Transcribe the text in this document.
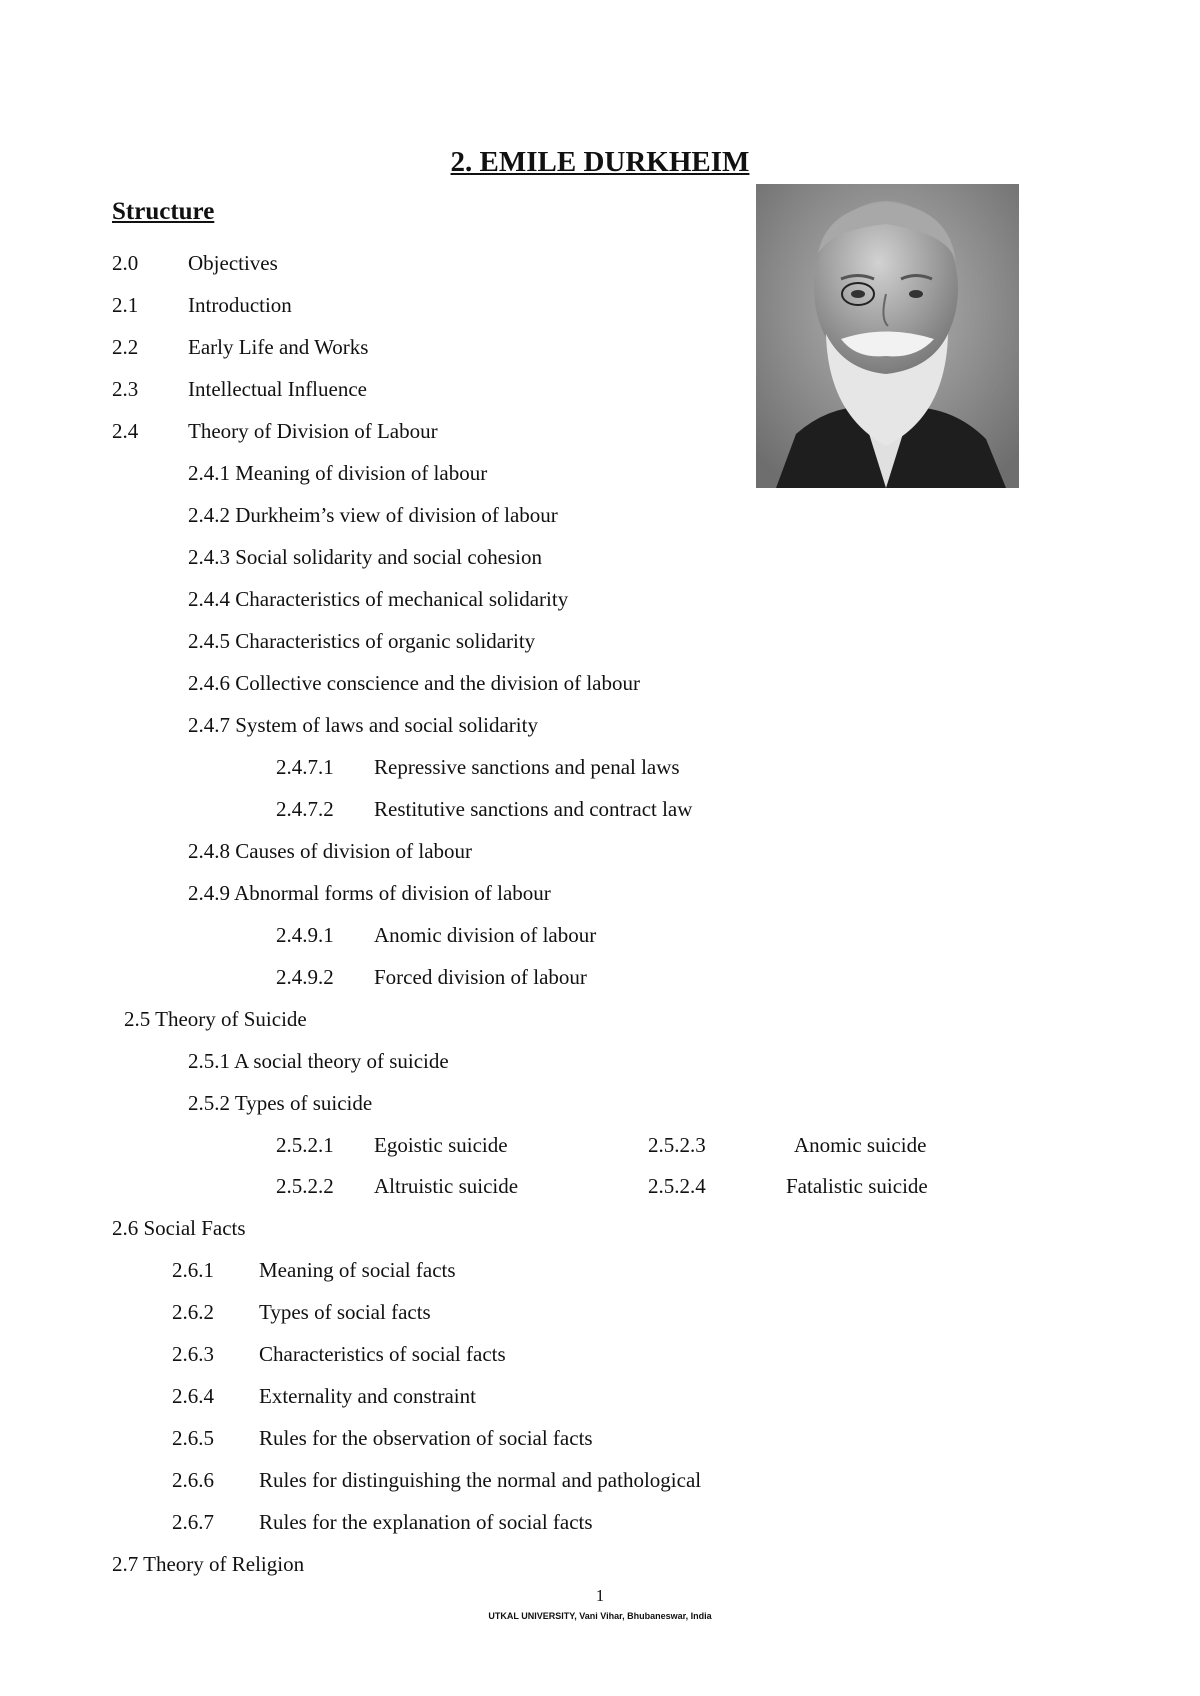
2. EMILE DURKHEIM
Structure
2.0 Objectives
2.1 Introduction
2.2 Early Life and Works
2.3 Intellectual Influence
2.4 Theory of Division of Labour
2.4.1 Meaning of division of labour
2.4.2 Durkheim’s view of division of labour
2.4.3 Social solidarity and social cohesion
2.4.4 Characteristics of mechanical solidarity
2.4.5 Characteristics of organic solidarity
2.4.6 Collective conscience and the division of labour
2.4.7 System of laws and social solidarity
2.4.7.1 Repressive sanctions and penal laws
2.4.7.2 Restitutive sanctions and contract law
2.4.8 Causes of division of labour
2.4.9 Abnormal forms of division of labour
2.4.9.1 Anomic division of labour
2.4.9.2 Forced division of labour
2.5 Theory of Suicide
2.5.1 A social theory of suicide
2.5.2 Types of suicide
2.5.2.1 Egoistic suicide	2.5.2.3	Anomic suicide
2.5.2.2 Altruistic suicide	2.5.2.4	Fatalistic suicide
2.6 Social Facts
2.6.1 Meaning of social facts
2.6.2 Types of social facts
2.6.3 Characteristics of social facts
2.6.4 Externality and constraint
2.6.5 Rules for the observation of social facts
2.6.6 Rules for distinguishing the normal and pathological
2.6.7 Rules for the explanation of social facts
2.7 Theory of Religion
1
UTKAL UNIVERSITY, Vani Vihar, Bhubaneswar, India
